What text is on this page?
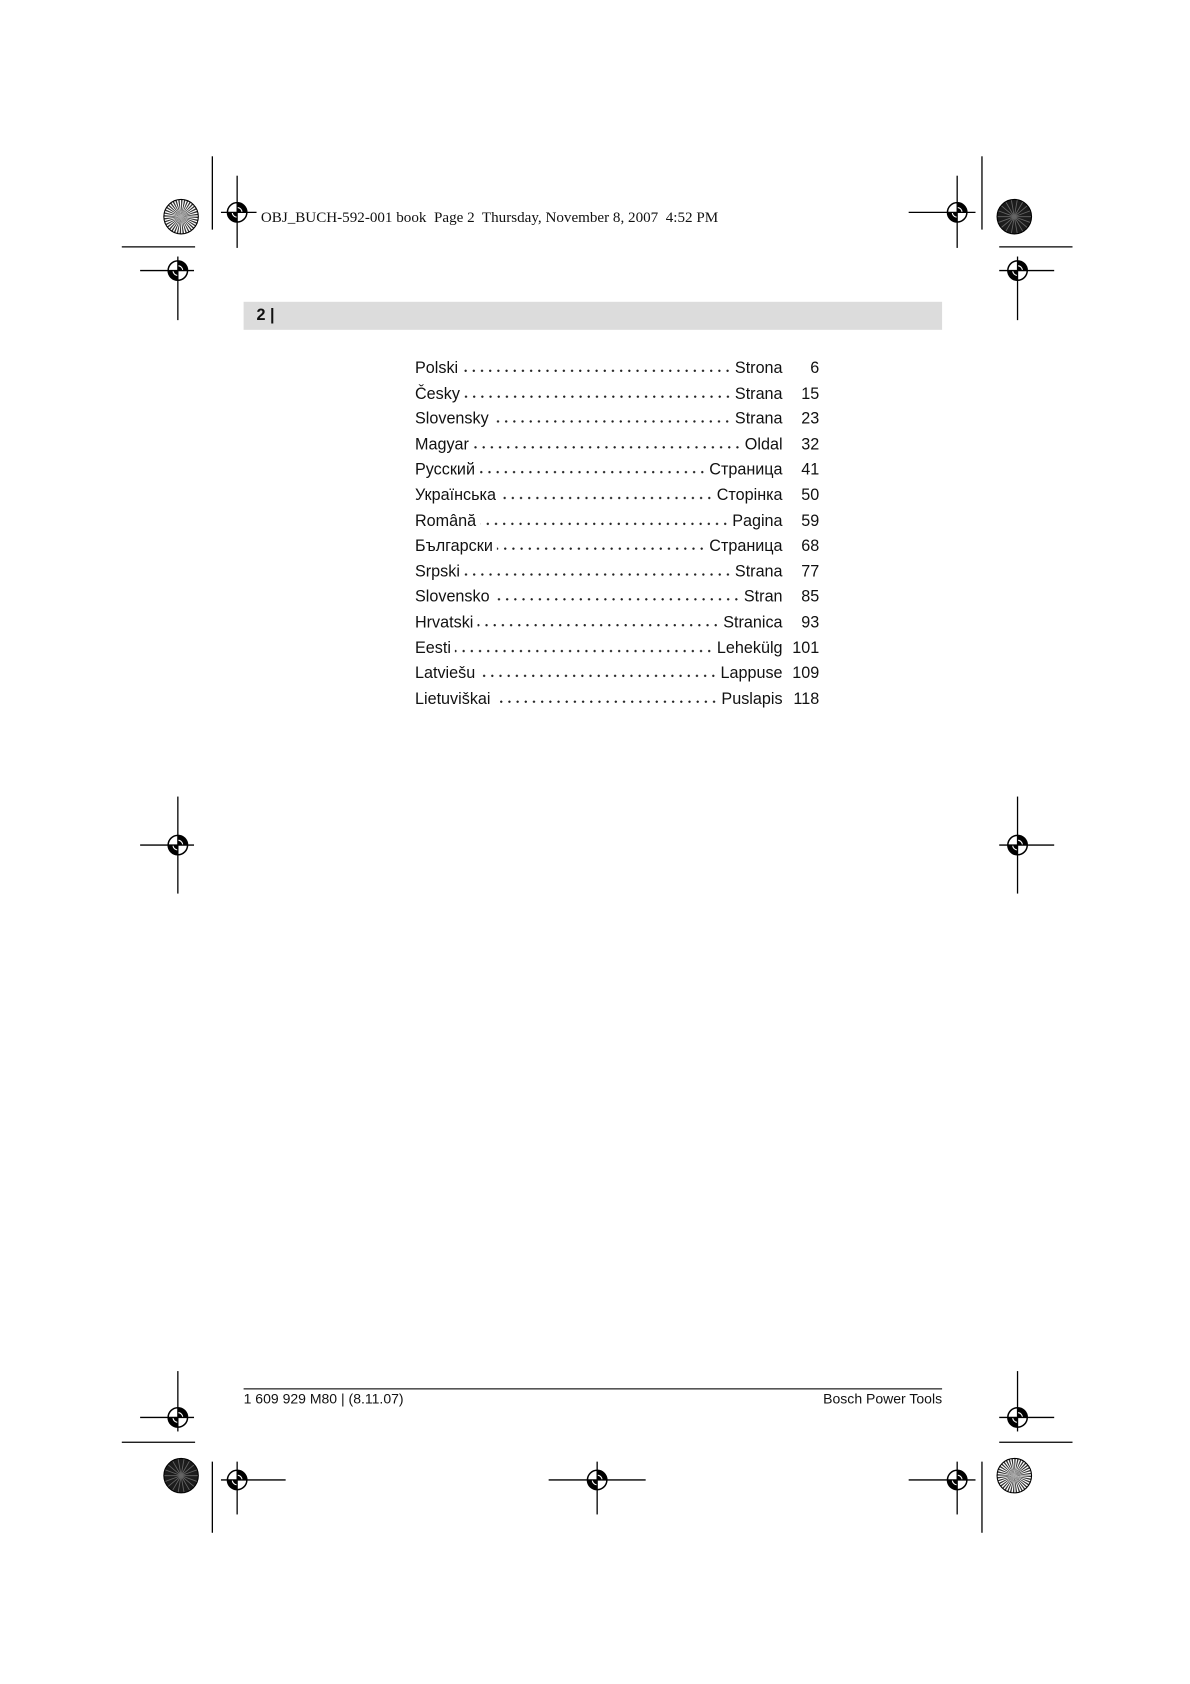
OBJ_BUCH-592-001 book  Page 2  Thursday, November 8, 2007  4:52 PM
2 |
Polski	Strona	6
Česky	Strana	15
Slovensky	Strana	23
Magyar	Oldal	32
Русский	Страница	41
Українська	Сторінка	50
Română	Pagina	59
Български	Страница	68
Srpski	Strana	77
Slovensko	Stran	85
Hrvatski	Stranica	93
Eesti	Lehekülg 101
Latviešu	Lappuse 109
Lietuviškai	Puslapis 118
1 609 929 M80 | (8.11.07)	Bosch Power Tools
